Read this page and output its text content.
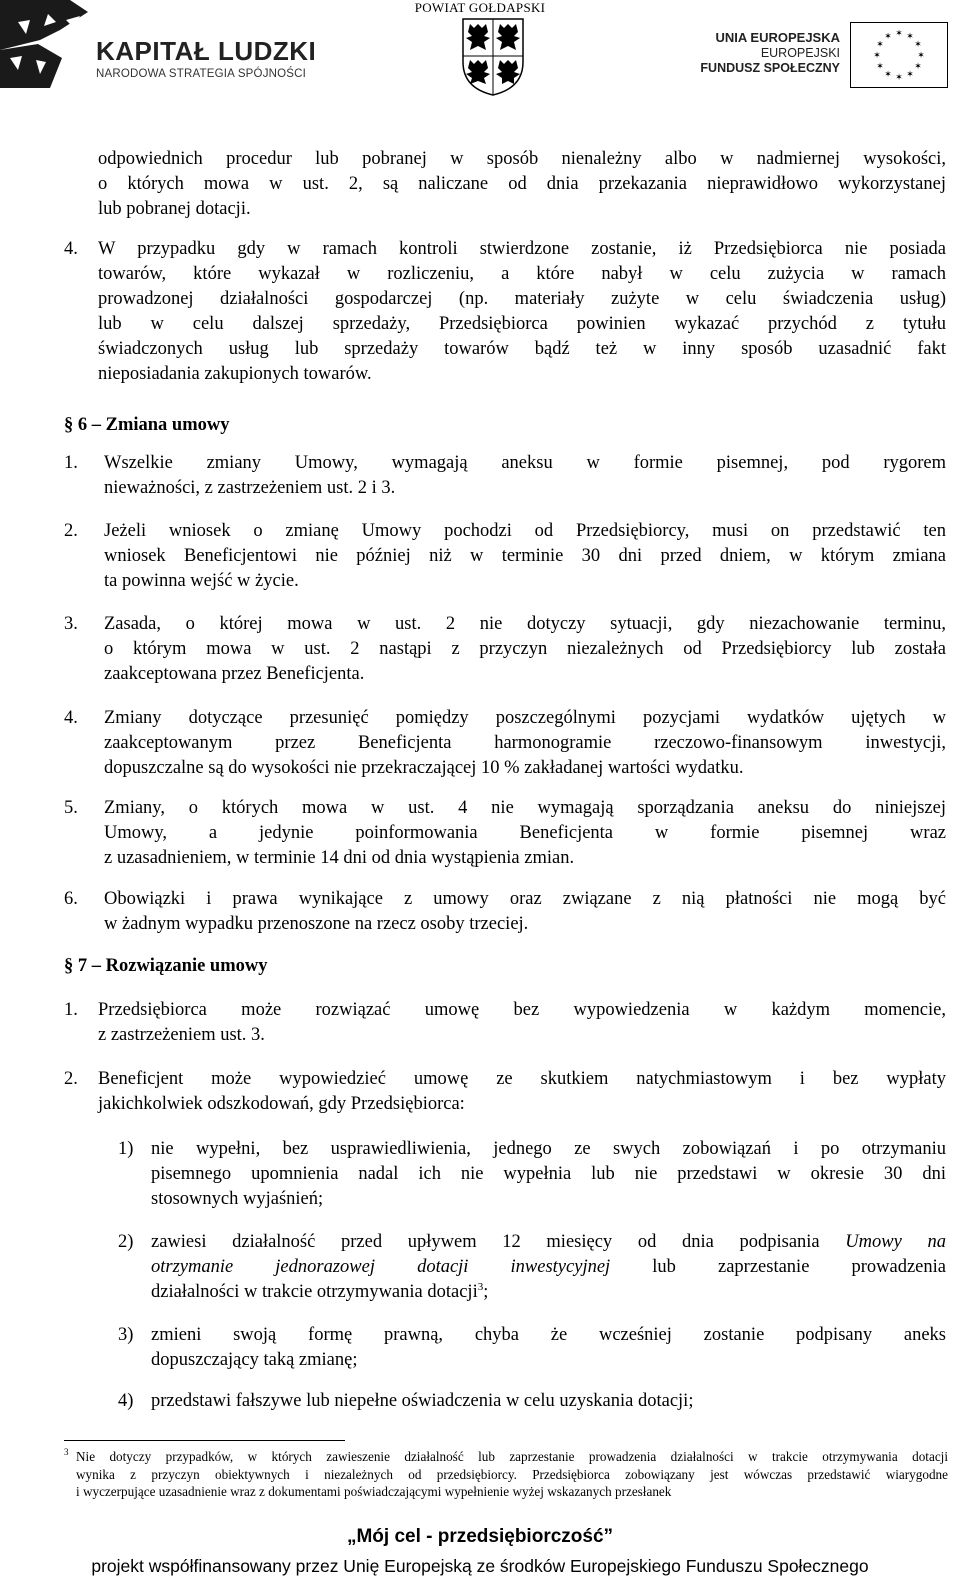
POWIAT GOŁDAPSKI
KAPITAŁ LUDZKI
NARODOWA STRATEGIA SPÓJNOŚCI
UNIA EUROPEJSKA
EUROPEJSKI
FUNDUSZ SPOŁECZNY
✶ ✶
✶
✶
✶
✶
✶
✶
✶
✶
✶
✶
odpowiednich procedur lub pobranej w sposób nienależny albo w nadmiernej wysokości,
o których mowa w ust. 2, są naliczane od dnia przekazania nieprawidłowo wykorzystanej
lub pobranej dotacji.
4. W przypadku gdy w ramach kontroli stwierdzone zostanie, iż Przedsiębiorca nie posiada
towarów, które wykazał w rozliczeniu, a które nabył w celu zużycia w ramach
prowadzonej działalności gospodarczej (np. materiały zużyte w celu świadczenia usług)
lub w celu dalszej sprzedaży, Przedsiębiorca powinien wykazać przychód z tytułu
świadczonych usług lub sprzedaży towarów bądź też w inny sposób uzasadnić fakt
nieposiadania zakupionych towarów.
§ 6 – Zmiana umowy
1. Wszelkie zmiany Umowy, wymagają aneksu w formie pisemnej, pod rygorem
nieważności, z zastrzeżeniem ust. 2 i 3.
2. Jeżeli wniosek o zmianę Umowy pochodzi od Przedsiębiorcy, musi on przedstawić ten
wniosek Beneficjentowi nie później niż w terminie 30 dni przed dniem, w którym zmiana
ta powinna wejść w życie.
3. Zasada, o której mowa w ust. 2 nie dotyczy sytuacji, gdy niezachowanie terminu,
o którym mowa w ust. 2 nastąpi z przyczyn niezależnych od Przedsiębiorcy lub została
zaakceptowana przez Beneficjenta.
4. Zmiany dotyczące przesunięć pomiędzy poszczególnymi pozycjami wydatków ujętych w
zaakceptowanym przez Beneficjenta harmonogramie rzeczowo-finansowym inwestycji,
dopuszczalne są do wysokości nie przekraczającej 10 % zakładanej wartości wydatku.
5. Zmiany, o których mowa w ust. 4 nie wymagają sporządzania aneksu do niniejszej
Umowy, a jedynie poinformowania Beneficjenta w formie pisemnej wraz
z uzasadnieniem, w terminie 14 dni od dnia wystąpienia zmian.
6. Obowiązki i prawa wynikające z umowy oraz związane z nią płatności nie mogą być
w żadnym wypadku przenoszone na rzecz osoby trzeciej.
§ 7 – Rozwiązanie umowy
1. Przedsiębiorca może rozwiązać umowę bez wypowiedzenia w każdym momencie,
z zastrzeżeniem ust. 3.
2. Beneficjent może wypowiedzieć umowę ze skutkiem natychmiastowym i bez wypłaty
jakichkolwiek odszkodowań, gdy Przedsiębiorca:
1) nie wypełni, bez usprawiedliwienia, jednego ze swych zobowiązań i po otrzymaniu
pisemnego upomnienia nadal ich nie wypełnia lub nie przedstawi w okresie 30 dni
stosownych wyjaśnień;
2) zawiesi działalność przed upływem 12 miesięcy od dnia podpisania Umowy na
otrzymanie jednorazowej dotacji inwestycyjnej lub zaprzestanie prowadzenia
działalności w trakcie otrzymywania dotacji$^3$;
3) zmieni swoją formę prawną, chyba że wcześniej zostanie podpisany aneks
dopuszczający taką zmianę;
4) przedstawi fałszywe lub niepełne oświadczenia w celu uzyskania dotacji;
3 Nie dotyczy przypadków, w których zawieszenie działalność lub zaprzestanie prowadzenia działalności w trakcie otrzymywania dotacji
wynika z przyczyn obiektywnych i niezależnych od przedsiębiorcy. Przedsiębiorca zobowiązany jest wówczas przedstawić wiarygodne
i wyczerpujące uzasadnienie wraz z dokumentami poświadczającymi wypełnienie wyżej wskazanych przesłanek
„Mój cel - przedsiębiorczość”
projekt współfinansowany przez Unię Europejską ze środków Europejskiego Funduszu Społecznego
